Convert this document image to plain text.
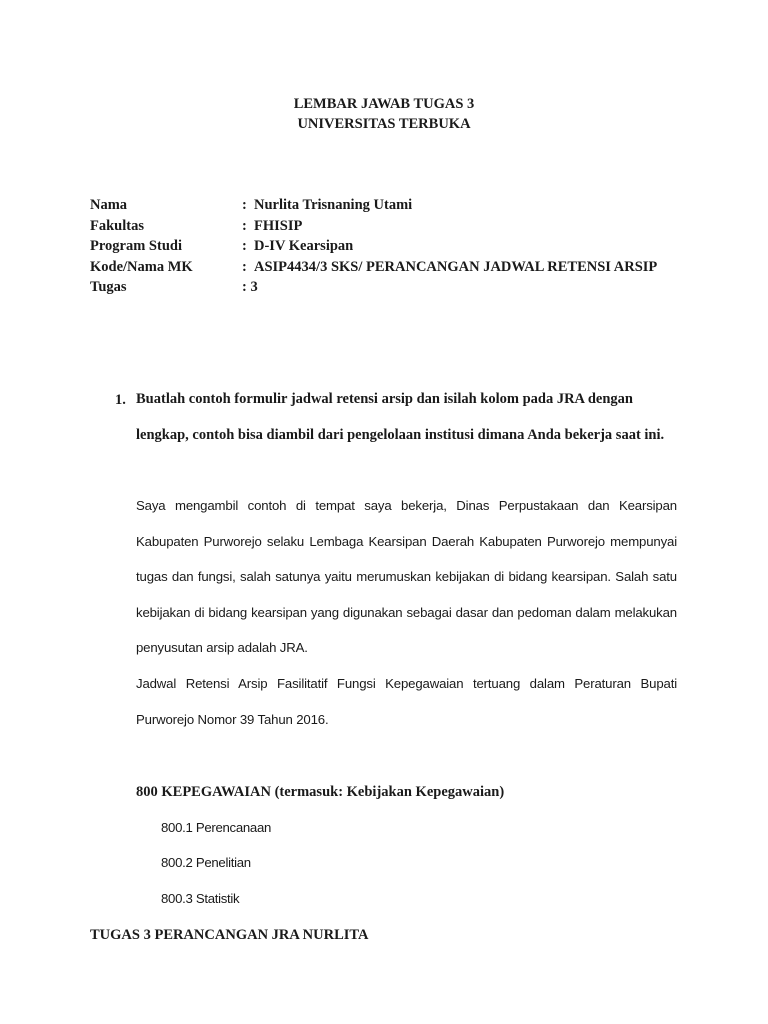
LEMBAR JAWAB TUGAS 3
UNIVERSITAS TERBUKA
Nama	: Nurlita Trisnaning Utami
Fakultas	: FHISIP
Program Studi	: D-IV Kearsipan
Kode/Nama MK	: ASIP4434/3 SKS/ PERANCANGAN JADWAL RETENSI ARSIP
Tugas	: 3
1. Buatlah contoh formulir jadwal retensi arsip dan isilah kolom pada JRA dengan lengkap, contoh bisa diambil dari pengelolaan institusi dimana Anda bekerja saat ini.
Saya mengambil contoh di tempat saya bekerja, Dinas Perpustakaan dan Kearsipan Kabupaten Purworejo selaku Lembaga Kearsipan Daerah Kabupaten Purworejo mempunyai tugas dan fungsi, salah satunya yaitu merumuskan kebijakan di bidang kearsipan. Salah satu kebijakan di bidang kearsipan yang digunakan sebagai dasar dan pedoman dalam melakukan penyusutan arsip adalah JRA.
Jadwal Retensi Arsip Fasilitatif Fungsi Kepegawaian tertuang dalam Peraturan Bupati Purworejo Nomor 39 Tahun 2016.
800 KEPEGAWAIAN (termasuk: Kebijakan Kepegawaian)
800.1 Perencanaan
800.2 Penelitian
800.3 Statistik
TUGAS 3 PERANCANGAN JRA NURLITA
